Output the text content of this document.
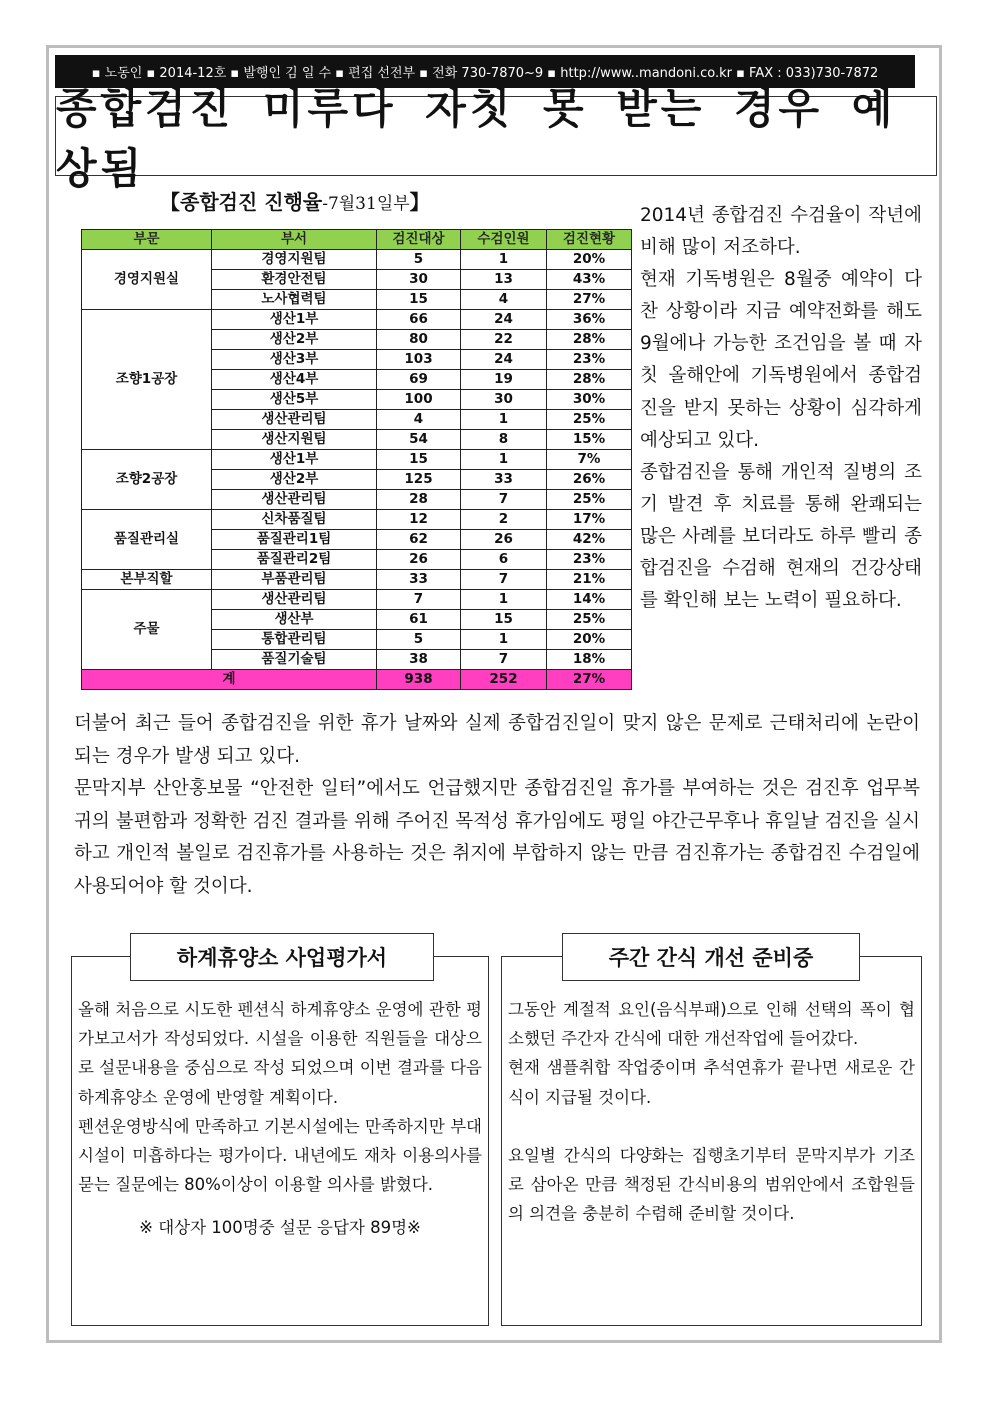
▪ 노동인 ▪ 2014-12호 ▪ 발행인 김 일 수 ▪ 편집 선전부 ▪ 전화 730-7870~9 ▪ http://www..mandoni.co.kr ▪ FAX : 033)730-7872
종합검진 미루다 자칫 못 받는 경우 예상됨
【종합검진 진행율-7월31일부】
부문	부서	검진대상	수검인원	검진현황
경영지원실	경영지원팀	5	1	20%
	환경안전팀	30	13	43%
	노사협력팀	15	4	27%
조향1공장	생산1부	66	24	36%
	생산2부	80	22	28%
	생산3부	103	24	23%
	생산4부	69	19	28%
	생산5부	100	30	30%
	생산관리팀	4	1	25%
	생산지원팀	54	8	15%
조향2공장	생산1부	15	1	7%
	생산2부	125	33	26%
	생산관리팀	28	7	25%
품질관리실	신차품질팀	12	2	17%
	품질관리1팀	62	26	42%
	품질관리2팀	26	6	23%
본부직할	부품관리팀	33	7	21%
주물	생산관리팀	7	1	14%
	생산부	61	15	25%
	통합관리팀	5	1	20%
	품질기술팀	38	7	18%
계		938	252	27%

2014년 종합검진 수검율이 작년에 비해 많이 저조하다.

현재 기독병원은 8월중 예약이 다 찬 상황이라 지금 예약전화를 해도 9월에나 가능한 조건임을 볼 때 자칫 올해안에 기독병원에서 종합검진을 받지 못하는 상황이 심각하게 예상되고 있다.

종합검진을 통해 개인적 질병의 조기 발견 후 치료를 통해 완쾌되는 많은 사례를 보더라도 하루 빨리 종합검진을 수검해 현재의 건강상태를 확인해 보는 노력이 필요하다.

더불어 최근 들어 종합검진을 위한 휴가 날짜와 실제 종합검진일이 맞지 않은 문제로 근태처리에 논란이 되는 경우가 발생 되고 있다.

문막지부 산안홍보물 “안전한 일터”에서도 언급했지만 종합검진일 휴가를 부여하는 것은 검진후 업무복귀의 불편함과 정확한 검진 결과를 위해 주어진 목적성 휴가임에도 평일 야간근무후나 휴일날 검진을 실시하고 개인적 볼일로 검진휴가를 사용하는 것은 취지에 부합하지 않는 만큼 검진휴가는 종합검진 수검일에 사용되어야 할 것이다.

하계휴양소 사업평가서

올해 처음으로 시도한 펜션식 하계휴양소 운영에 관한 평가보고서가 작성되었다. 시설을 이용한 직원들을 대상으로 설문내용을 중심으로 작성 되었으며 이번 결과를 다음 하계휴양소 운영에 반영할 계획이다.

펜션운영방식에 만족하고 기본시설에는 만족하지만 부대시설이 미흡하다는 평가이다. 내년에도 재차 이용의사를 묻는 질문에는 80%이상이 이용할 의사를 밝혔다.

※ 대상자 100명중 설문 응답자 89명※

주간 간식 개선 준비중

그동안 계절적 요인(음식부패)으로 인해 선택의 폭이 협소했던 주간자 간식에 대한 개선작업에 들어갔다.

현재 샘플취합 작업중이며 추석연휴가 끝나면 새로운 간식이 지급될 것이다.

요일별 간식의 다양화는 집행초기부터 문막지부가 기조로 삼아온 만큼 책정된 간식비용의 범위안에서 조합원들의 의견을 충분히 수렴해 준비할 것이다.
